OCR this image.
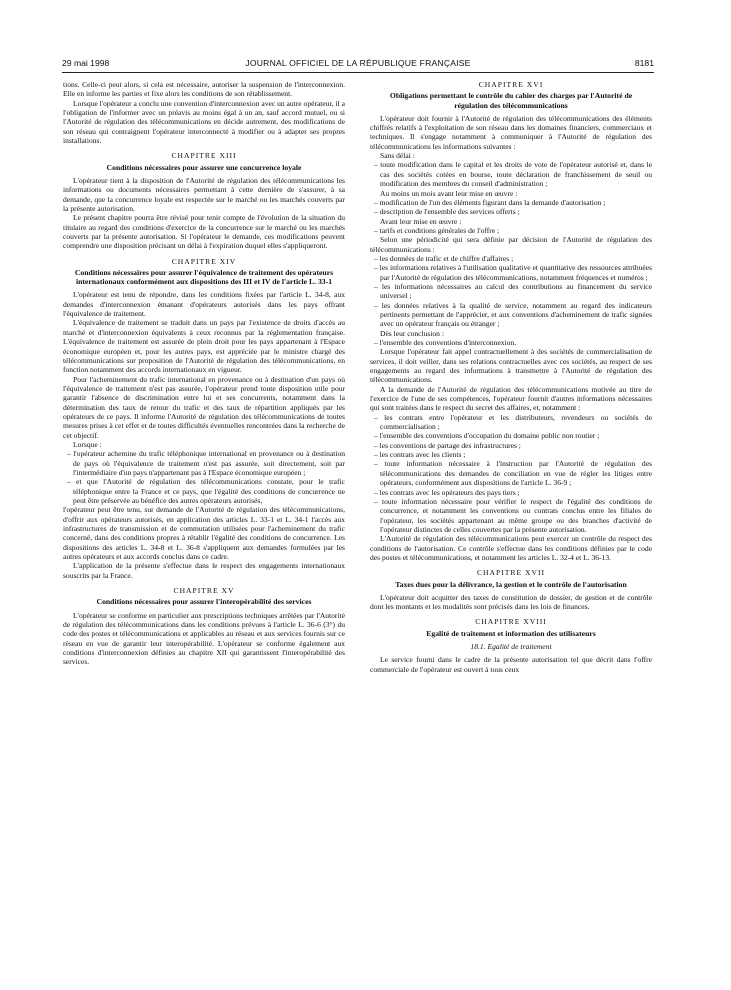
29 mai 1998	JOURNAL OFFICIEL DE LA RÉPUBLIQUE FRANÇAISE	8181

tions. Celle-ci peut alors, si cela est nécessaire, autoriser la suspension de l'interconnexion. Elle en informe les parties et fixe alors les conditions de son rétablissement.

Lorsque l'opérateur a conclu une convention d'interconnexion avec un autre opérateur, il a l'obligation de l'informer avec un préavis au moins égal à un an, sauf accord mutuel, ou si l'Autorité de régulation des télécommunications en décide autrement, des modifications de son réseau qui contraignent l'opérateur interconnecté à modifier ou à adapter ses propres installations.

CHAPITRE XIII
Conditions nécessaires pour assurer une concurrence loyale

L'opérateur tient à la disposition de l'Autorité de régulation des télécommunications les informations ou documents nécessaires permettant à cette dernière de s'assurer, à sa demande, que la concurrence loyale est respectée sur le marché ou les marchés couverts par la présente autorisation.

Le présent chapitre pourra être révisé pour tenir compte de l'évolution de la situation du titulaire au regard des conditions d'exercice de la concurrence sur le marché ou les marchés couverts par la présente autorisation. Si l'opérateur le demande, ces modifications peuvent comprendre une disposition précisant un délai à l'expiration duquel elles s'appliqueront.

CHAPITRE XIV
Conditions nécessaires pour assurer l'équivalence de traitement des opérateurs internationaux conformément aux dispositions des III et IV de l'article L. 33-1

L'opérateur est tenu de répondre, dans les conditions fixées par l'article L. 34-8, aux demandes d'interconnexion émanant d'opérateurs autorisés dans les pays offrant l'équivalence de traitement.

L'équivalence de traitement se traduit dans un pays par l'existence de droits d'accès au marché et d'interconnexion équivalents à ceux reconnus par la réglementation française. L'équivalence de traitement est assurée de plein droit pour les pays appartenant à l'Espace économique européen et, pour les autres pays, est appréciée par le ministre chargé des télécommunications sur proposition de l'Autorité de régulation des télécommunications, en fonction notamment des accords internationaux en vigueur.

Pour l'acheminement du trafic international en provenance ou à destination d'un pays où l'équivalence de traitement n'est pas assurée, l'opérateur prend toute disposition utile pour garantir l'absence de discrimination entre lui et ses concurrents, notamment dans la détermination des taux de retour du trafic et des taux de répartition appliqués par les opérateurs de ce pays. Il informe l'Autorité de régulation des télécommunications de toutes mesures prises à cet effet et de toutes difficultés éventuelles rencontrées dans la recherche de cet objectif.

Lorsque :

– l'opérateur achemine du trafic téléphonique international en provenance ou à destination de pays où l'équivalence de traitement n'est pas assurée, soit directement, soit par l'intermédiaire d'un pays n'appartenant pas à l'Espace économique européen ;
– et que l'Autorité de régulation des télécommunications constate, pour le trafic téléphonique entre la France et ce pays, que l'égalité des conditions de concurrence ne peut être préservée au bénéfice des autres opérateurs autorisés,

l'opérateur peut être tenu, sur demande de l'Autorité de régulation des télécommunications, d'offrir aux opérateurs autorisés, en application des articles L. 33-1 et L. 34-1 l'accès aux infrastructures de transmission et de commutation utilisées pour l'acheminement du trafic concerné, dans des conditions propres à rétablir l'égalité des conditions de concurrence. Les dispositions des articles L. 34-8 et L. 36-8 s'appliquent aux demandes formulées par les autres opérateurs et aux accords conclus dans ce cadre.

L'application de la présente s'effectue dans le respect des engagements internationaux souscrits par la France.

CHAPITRE XV
Conditions nécessaires pour assurer l'interopérabilité des services

L'opérateur se conforme en particulier aux prescriptions techniques arrêtées par l'Autorité de régulation des télécommunications dans les conditions prévues à l'article L. 36-6 (3°) du code des postes et télécommunications et applicables au réseau et aux services fournis sur ce réseau en vue de garantir leur interopérabilité. L'opérateur se conforme également aux conditions d'interconnexion définies au chapitre XII qui garantissent l'interopérabilité des services.

CHAPITRE XVI
Obligations permettant le contrôle du cahier des charges par l'Autorité de régulation des télécommunications

L'opérateur doit fournir à l'Autorité de régulation des télécommunications des éléments chiffrés relatifs à l'exploitation de son réseau dans les domaines financiers, commerciaux et techniques. Il s'engage notamment à communiquer à l'Autorité de régulation des télécommunications les informations suivantes :

Sans délai :

– toute modification dans le capital et les droits de vote de l'opérateur autorisé et, dans le cas des sociétés cotées en bourse, toute déclaration de franchissement de seuil ou modification des membres du conseil d'administration ;

Au moins un mois avant leur mise en œuvre :

– modification de l'un des éléments figurant dans la demande d'autorisation ;
– description de l'ensemble des services offerts ;

Avant leur mise en œuvre :

– tarifs et conditions générales de l'offre ;

Selon une périodicité qui sera définie par décision de l'Autorité de régulation des télécommunications :

– les données de trafic et de chiffre d'affaires ;
– les informations relatives à l'utilisation qualitative et quantitative des ressources attribuées par l'Autorité de régulation des télécommunications, notamment fréquences et numéros ;
– les informations nécessaires au calcul des contributions au financement du service universel ;
– les données relatives à la qualité de service, notamment au regard des indicateurs pertinents permettant de l'apprécier, et aux conventions d'acheminement de trafic signées avec un opérateur français ou étranger ;

Dès leur conclusion :

– l'ensemble des conventions d'interconnexion.

Lorsque l'opérateur fait appel contractuellement à des sociétés de commercialisation de services, il doit veiller, dans ses relations contractuelles avec ces sociétés, au respect de ses engagements au regard des informations à transmettre à l'Autorité de régulation des télécommunications.

A la demande de l'Autorité de régulation des télécommunications motivée au titre de l'exercice de l'une de ses compétences, l'opérateur fournit d'autres informations nécessaires qui sont traitées dans le respect du secret des affaires, et, notamment :

– les contrats entre l'opérateur et les distributeurs, revendeurs ou sociétés de commercialisation ;
– l'ensemble des conventions d'occupation du domaine public non routier ;
– les conventions de partage des infrastructures ;
– les contrats avec les clients ;
– toute information nécessaire à l'instruction par l'Autorité de régulation des télécommunications des demandes de conciliation en vue de régler les litiges entre opérateurs, conformément aux dispositions de l'article L. 36-9 ;
– les contrats avec les opérateurs des pays tiers ;
– toute information nécessaire pour vérifier le respect de l'égalité des conditions de concurrence, et notamment les conventions ou contrats conclus entre les filiales de l'opérateur, les sociétés appartenant au même groupe ou des branches d'activité de l'opérateur distinctes de celles couvertes par la présente autorisation.

L'Autorité de régulation des télécommunications peut exercer un contrôle du respect des conditions de l'autorisation. Ce contrôle s'effectue dans les conditions définies par le code des postes et télécommunications, et notamment les articles L. 32-4 et L. 36-13.

CHAPITRE XVII
Taxes dues pour la délivrance, la gestion et le contrôle de l'autorisation

L'opérateur doit acquitter des taxes de constitution de dossier, de gestion et de contrôle dont les montants et les modalités sont précisés dans les lois de finances.

CHAPITRE XVIII
Egalité de traitement et information des utilisateurs
18.1. Egalité de traitement

Le service fourni dans le cadre de la présente autorisation tel que décrit dans l'offre commerciale de l'opérateur est ouvert à tous ceux
